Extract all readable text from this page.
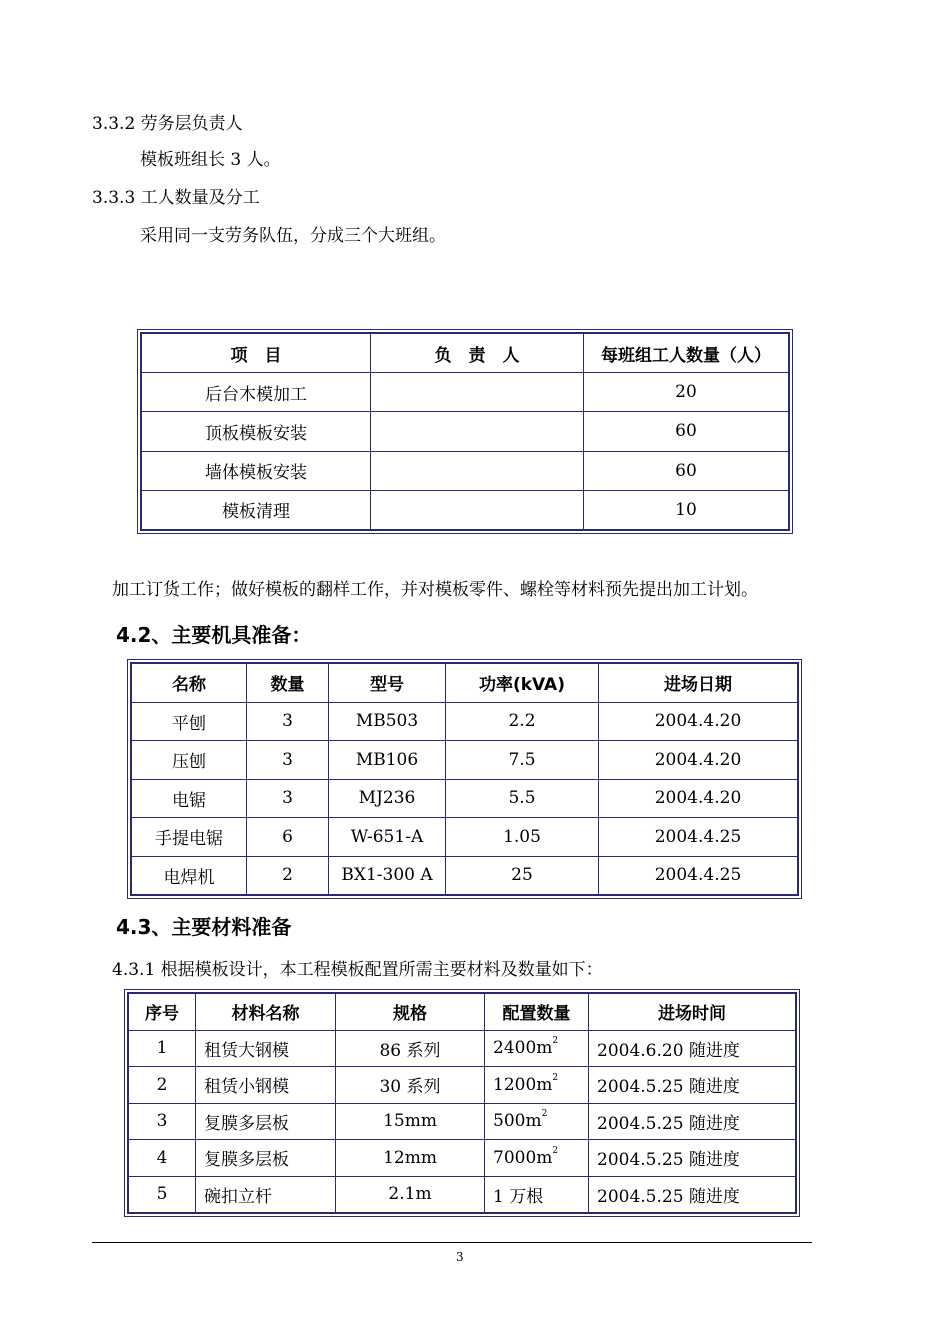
3.3.2 劳务层负责人
模板班组长 3 人。
3.3.3 工人数量及分工
采用同一支劳务队伍，分成三个大班组。
项　目	负　责　人	每班组工人数量（人）
后台木模加工		20
顶板模板安装		60
墙体模板安装		60
模板清理		10
加工订货工作；做好模板的翻样工作，并对模板零件、螺栓等材料预先提出加工计划。
4.2、主要机具准备：
名称	数量	型号	功率(kVA)	进场日期
平刨	3	MB503	2.2	2004.4.20
压刨	3	MB106	7.5	2004.4.20
电锯	3	MJ236	5.5	2004.4.20
手提电锯	6	W-651-A	1.05	2004.4.25
电焊机	2	BX1-300 A	25	2004.4.25
4.3、主要材料准备
4.3.1 根据模板设计，本工程模板配置所需主要材料及数量如下：
序号	材料名称	规格	配置数量	进场时间
1	租赁大钢模	86 系列	$2400m^2$	2004.6.20 随进度
2	租赁小钢模	30 系列	$1200m^2$	2004.5.25 随进度
3	复膜多层板	15mm	$500m^2$	2004.5.25 随进度
4	复膜多层板	12mm	$7000m^2$	2004.5.25 随进度
5	碗扣立杆	2.1m	1 万根	2004.5.25 随进度
3
